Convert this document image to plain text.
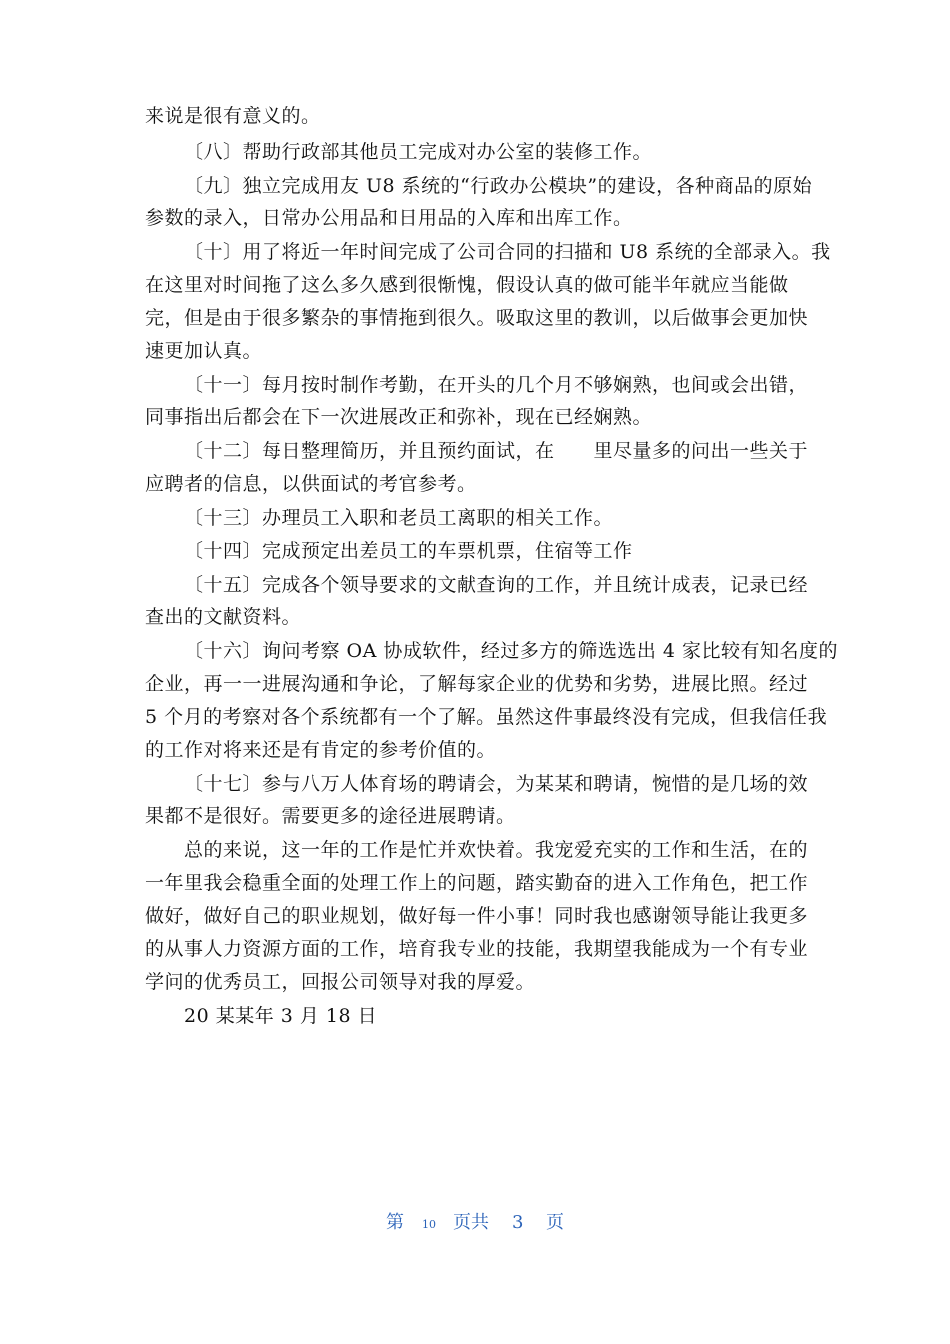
来说是很有意义的。
〔八〕帮助行政部其他员工完成对办公室的装修工作。
〔九〕独立完成用友 U8 系统的“行政办公模块”的建设，各种商品的原始
参数的录入，日常办公用品和日用品的入库和出库工作。
〔十〕用了将近一年时间完成了公司合同的扫描和 U8 系统的全部录入。我
在这里对时间拖了这么多久感到很惭愧，假设认真的做可能半年就应当能做
完，但是由于很多繁杂的事情拖到很久。吸取这里的教训，以后做事会更加快
速更加认真。
〔十一〕每月按时制作考勤，在开头的几个月不够娴熟，也间或会出错，
同事指出后都会在下一次进展改正和弥补，现在已经娴熟。
〔十二〕每日整理简历，并且预约面试，在　　里尽量多的问出一些关于
应聘者的信息，以供面试的考官参考。
〔十三〕办理员工入职和老员工离职的相关工作。
〔十四〕完成预定出差员工的车票机票，住宿等工作
〔十五〕完成各个领导要求的文献查询的工作，并且统计成表，记录已经
查出的文献资料。
〔十六〕询问考察 OA 协成软件，经过多方的筛选选出 4 家比较有知名度的
企业，再一一进展沟通和争论，了解每家企业的优势和劣势，进展比照。经过
5 个月的考察对各个系统都有一个了解。虽然这件事最终没有完成，但我信任我
的工作对将来还是有肯定的参考价值的。
〔十七〕参与八万人体育场的聘请会，为某某和聘请，惋惜的是几场的效
果都不是很好。需要更多的途径进展聘请。
总的来说，这一年的工作是忙并欢快着。我宠爱充实的工作和生活，在的
一年里我会稳重全面的处理工作上的问题，踏实勤奋的进入工作角色，把工作
做好，做好自己的职业规划，做好每一件小事！同时我也感谢领导能让我更多
的从事人力资源方面的工作，培育我专业的技能，我期望我能成为一个有专业
学问的优秀员工，回报公司领导对我的厚爱。
20 某某年 3 月 18 日
第 10 页共 3 页
